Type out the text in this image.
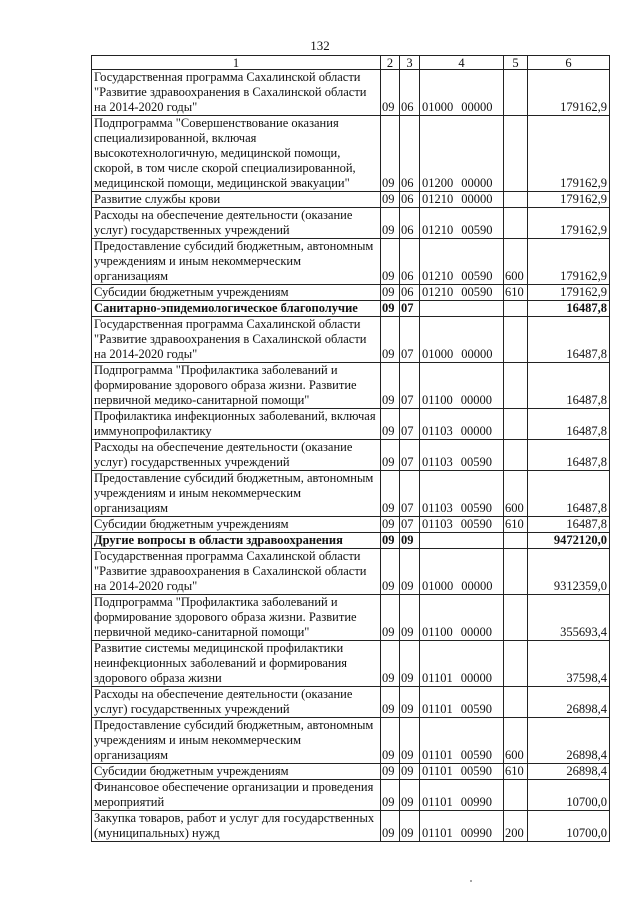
132
1	2	3	4	5	6
Государственная программа Сахалинской области "Развитие здравоохранения в Сахалинской области на 2014-2020 годы"	09	06	01000 00000		179162,9
Подпрограмма "Совершенствование оказания специализированной, включая высокотехнологичную, медицинской помощи, скорой, в том числе скорой специализированной, медицинской помощи, медицинской эвакуации"	09	06	01200 00000		179162,9
Развитие службы крови	09	06	01210 00000		179162,9
Расходы на обеспечение деятельности (оказание услуг) государственных учреждений	09	06	01210 00590		179162,9
Предоставление субсидий бюджетным, автономным учреждениям и иным некоммерческим организациям	09	06	01210 00590	600	179162,9
Субсидии бюджетным учреждениям	09	06	01210 00590	610	179162,9
Санитарно-эпидемиологическое благополучие	09	07			16487,8
Государственная программа Сахалинской области "Развитие здравоохранения в Сахалинской области на 2014-2020 годы"	09	07	01000 00000		16487,8
Подпрограмма "Профилактика заболеваний и формирование здорового образа жизни. Развитие первичной медико-санитарной помощи"	09	07	01100 00000		16487,8
Профилактика инфекционных заболеваний, включая иммунопрофилактику	09	07	01103 00000		16487,8
Расходы на обеспечение деятельности (оказание услуг) государственных учреждений	09	07	01103 00590		16487,8
Предоставление субсидий бюджетным, автономным учреждениям и иным некоммерческим организациям	09	07	01103 00590	600	16487,8
Субсидии бюджетным учреждениям	09	07	01103 00590	610	16487,8
Другие вопросы в области здравоохранения	09	09			9472120,0
Государственная программа Сахалинской области "Развитие здравоохранения в Сахалинской области на 2014-2020 годы"	09	09	01000 00000		9312359,0
Подпрограмма "Профилактика заболеваний и формирование здорового образа жизни. Развитие первичной медико-санитарной помощи"	09	09	01100 00000		355693,4
Развитие системы медицинской профилактики неинфекционных заболеваний и формирования здорового образа жизни	09	09	01101 00000		37598,4
Расходы на обеспечение деятельности (оказание услуг) государственных учреждений	09	09	01101 00590		26898,4
Предоставление субсидий бюджетным, автономным учреждениям и иным некоммерческим организациям	09	09	01101 00590	600	26898,4
Субсидии бюджетным учреждениям	09	09	01101 00590	610	26898,4
Финансовое обеспечение организации и проведения мероприятий	09	09	01101 00990		10700,0
Закупка товаров, работ и услуг для государственных (муниципальных) нужд	09	09	01101 00990	200	10700,0
